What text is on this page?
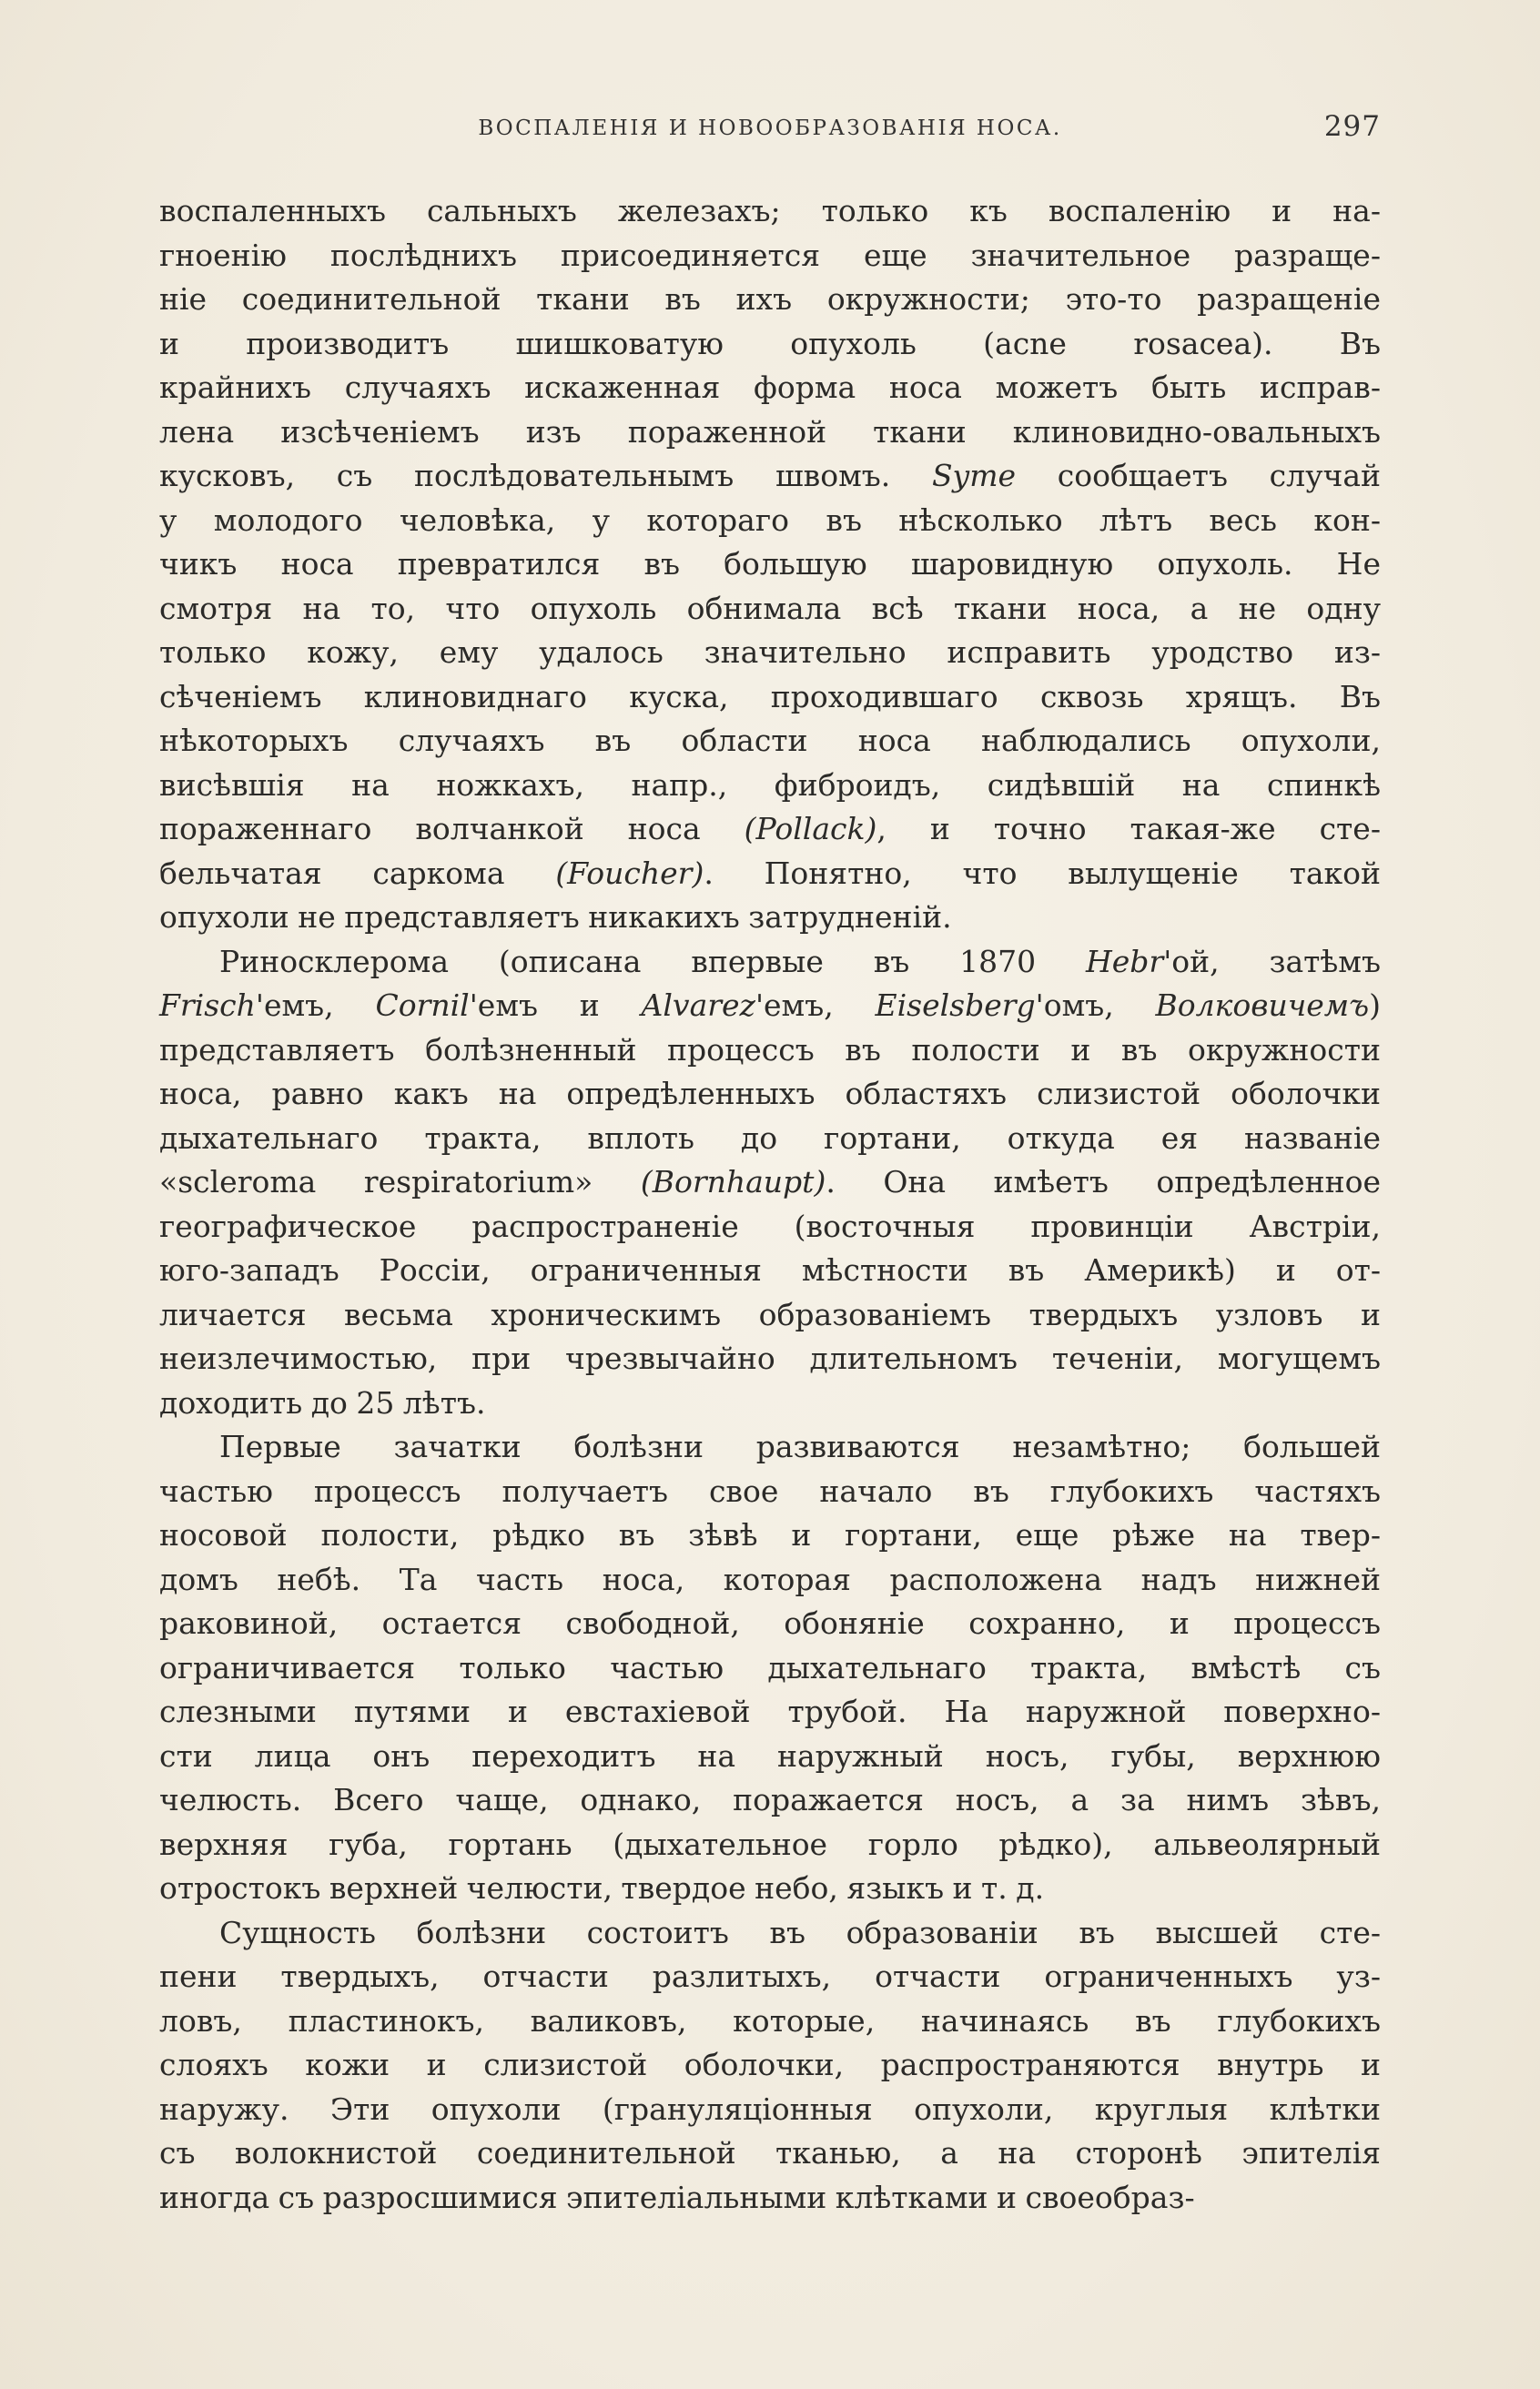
ВОСПАЛЕНІЯ И НОВООБРАЗОВАНІЯ НОСА.	297
воспаленныхъ сальныхъ железахъ; только къ воспаленію и на-
гноенію послѣднихъ присоединяется еще значительное разраще-
ніе соединительной ткани въ ихъ окружности; это-то разращеніе
и производитъ шишковатую опухоль (acne rosacea). Въ
крайнихъ случаяхъ искаженная форма носа можетъ быть исправ-
лена изсѣченіемъ изъ пораженной ткани клиновидно-овальныхъ
кусковъ, съ послѣдовательнымъ швомъ. Syme сообщаетъ случай
у молодого человѣка, у котораго въ нѣсколько лѣтъ весь кон-
чикъ носа превратился въ большую шаровидную опухоль. Не
смотря на то, что опухоль обнимала всѣ ткани носа, а не одну
только кожу, ему удалось значительно исправить уродство из-
сѣченіемъ клиновиднаго куска, проходившаго сквозь хрящъ. Въ
нѣкоторыхъ случаяхъ въ области носа наблюдались опухоли,
висѣвшія на ножкахъ, напр., фиброидъ, сидѣвшій на спинкѣ
пораженнаго волчанкой носа (Pollack), и точно такая-же сте-
бельчатая саркома (Foucher). Понятно, что вылущеніе такой
опухоли не представляетъ никакихъ затрудненій.
Риносклерома (описана впервые въ 1870 Hebr'ой, затѣмъ
Frisch'емъ, Cornil'емъ и Alvarez'емъ, Eiselsberg'омъ, Волковичемъ)
представляетъ болѣзненный процессъ въ полости и въ окружности
носа, равно какъ на опредѣленныхъ областяхъ слизистой оболочки
дыхательнаго тракта, вплоть до гортани, откуда ея названіе
«scleroma respiratorium» (Bornhaupt). Она имѣетъ опредѣленное
географическое распространеніе (восточныя провинціи Австріи,
юго-западъ Россіи, ограниченныя мѣстности въ Америкѣ) и от-
личается весьма хроническимъ образованіемъ твердыхъ узловъ и
неизлечимостью, при чрезвычайно длительномъ теченіи, могущемъ
доходить до 25 лѣтъ.
Первые зачатки болѣзни развиваются незамѣтно; большей
частью процессъ получаетъ свое начало въ глубокихъ частяхъ
носовой полости, рѣдко въ зѣвѣ и гортани, еще рѣже на твер-
домъ небѣ. Та часть носа, которая расположена надъ нижней
раковиной, остается свободной, обоняніе сохранно, и процессъ
ограничивается только частью дыхательнаго тракта, вмѣстѣ съ
слезными путями и евстахіевой трубой. На наружной поверхно-
сти лица онъ переходитъ на наружный носъ, губы, верхнюю
челюсть. Всего чаще, однако, поражается носъ, а за нимъ зѣвъ,
верхняя губа, гортань (дыхательное горло рѣдко), альвеолярный
отростокъ верхней челюсти, твердое небо, языкъ и т. д.
Сущность болѣзни состоитъ въ образованіи въ высшей сте-
пени твердыхъ, отчасти разлитыхъ, отчасти ограниченныхъ уз-
ловъ, пластинокъ, валиковъ, которые, начинаясь въ глубокихъ
слояхъ кожи и слизистой оболочки, распространяются внутрь и
наружу. Эти опухоли (грануляціонныя опухоли, круглыя клѣтки
съ волокнистой соединительной тканью, а на сторонѣ эпителія
иногда съ разросшимися эпителіальными клѣтками и своеобраз-
